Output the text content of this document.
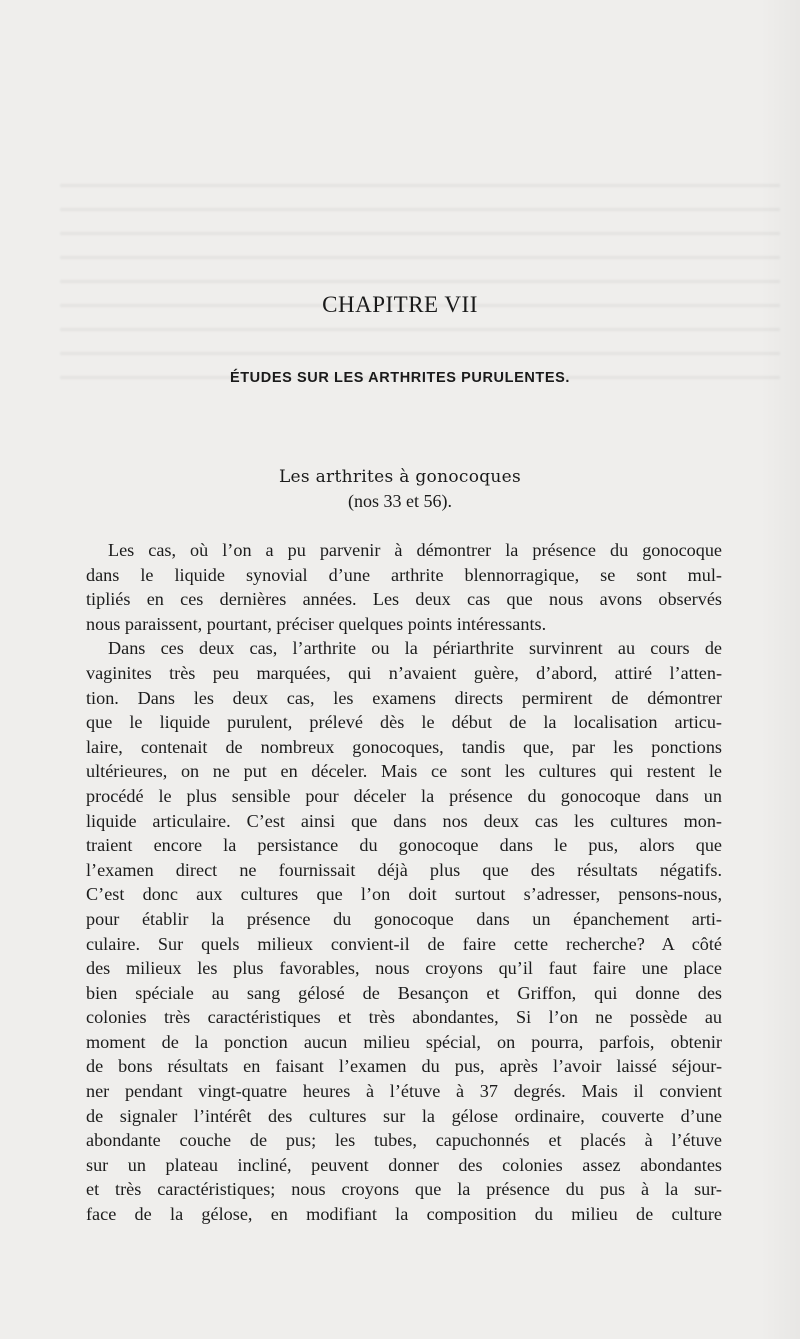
CHAPITRE VII
ÉTUDES SUR LES ARTHRITES PURULENTES.
Les arthrites à gonocoques
(nos 33 et 56).
Les cas, où l’on a pu parvenir à démontrer la présence du gonocoque
dans le liquide synovial d’une arthrite blennorragique, se sont mul-
tipliés en ces dernières années. Les deux cas que nous avons observés
nous paraissent, pourtant, préciser quelques points intéressants.
Dans ces deux cas, l’arthrite ou la périarthrite survinrent au cours de
vaginites très peu marquées, qui n’avaient guère, d’abord, attiré l’atten-
tion. Dans les deux cas, les examens directs permirent de démontrer
que le liquide purulent, prélevé dès le début de la localisation articu-
laire, contenait de nombreux gonocoques, tandis que, par les ponctions
ultérieures, on ne put en déceler. Mais ce sont les cultures qui restent le
procédé le plus sensible pour déceler la présence du gonocoque dans un
liquide articulaire. C’est ainsi que dans nos deux cas les cultures mon-
traient encore la persistance du gonocoque dans le pus, alors que
l’examen direct ne fournissait déjà plus que des résultats négatifs.
C’est donc aux cultures que l’on doit surtout s’adresser, pensons-nous,
pour établir la présence du gonocoque dans un épanchement arti-
culaire. Sur quels milieux convient-il de faire cette recherche? A côté
des milieux les plus favorables, nous croyons qu’il faut faire une place
bien spéciale au sang gélosé de Besançon et Griffon, qui donne des
colonies très caractéristiques et très abondantes, Si l’on ne possède au
moment de la ponction aucun milieu spécial, on pourra, parfois, obtenir
de bons résultats en faisant l’examen du pus, après l’avoir laissé séjour-
ner pendant vingt-quatre heures à l’étuve à 37 degrés. Mais il convient
de signaler l’intérêt des cultures sur la gélose ordinaire, couverte d’une
abondante couche de pus; les tubes, capuchonnés et placés à l’étuve
sur un plateau incliné, peuvent donner des colonies assez abondantes
et très caractéristiques; nous croyons que la présence du pus à la sur-
face de la gélose, en modifiant la composition du milieu de culture
